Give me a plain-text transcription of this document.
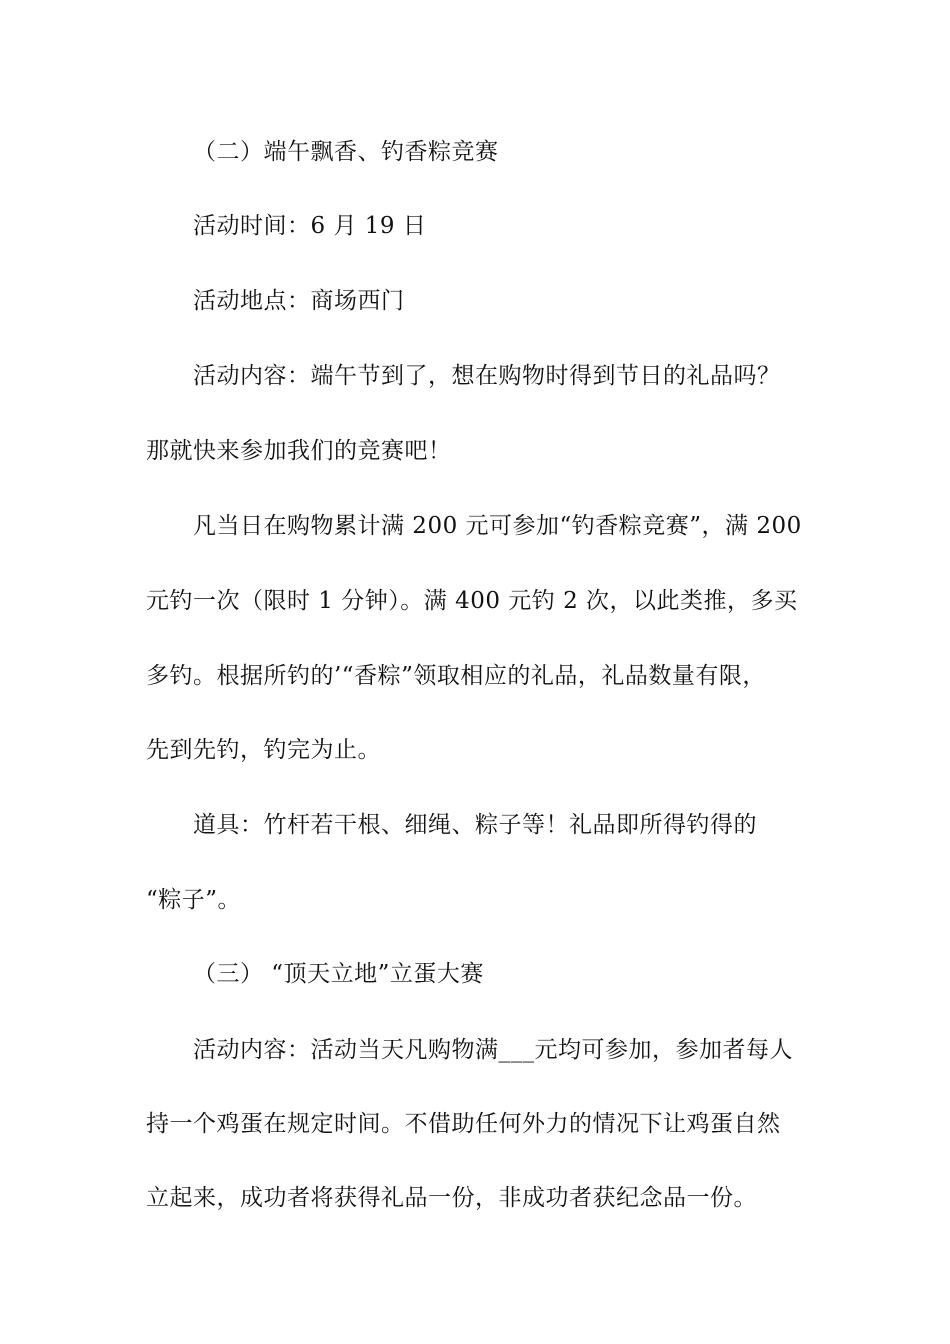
（二）端午飘香、钓香粽竞赛
活动时间：6 月 19 日
活动地点：商场西门
活动内容：端午节到了，想在购物时得到节日的礼品吗？
那就快来参加我们的竞赛吧！
凡当日在购物累计满 200 元可参加“钓香粽竞赛”，满 200
元钓一次（限时 1 分钟）。满 400 元钓 2 次，以此类推，多买
多钓。根据所钓的’“香粽”领取相应的礼品，礼品数量有限，
先到先钓，钓完为止。
道具：竹杆若干根、细绳、粽子等！礼品即所得钓得的
“粽子”。
（三） “顶天立地”立蛋大赛
活动内容：活动当天凡购物满___元均可参加，参加者每人
持一个鸡蛋在规定时间。不借助任何外力的情况下让鸡蛋自然
立起来，成功者将获得礼品一份，非成功者获纪念品一份。
